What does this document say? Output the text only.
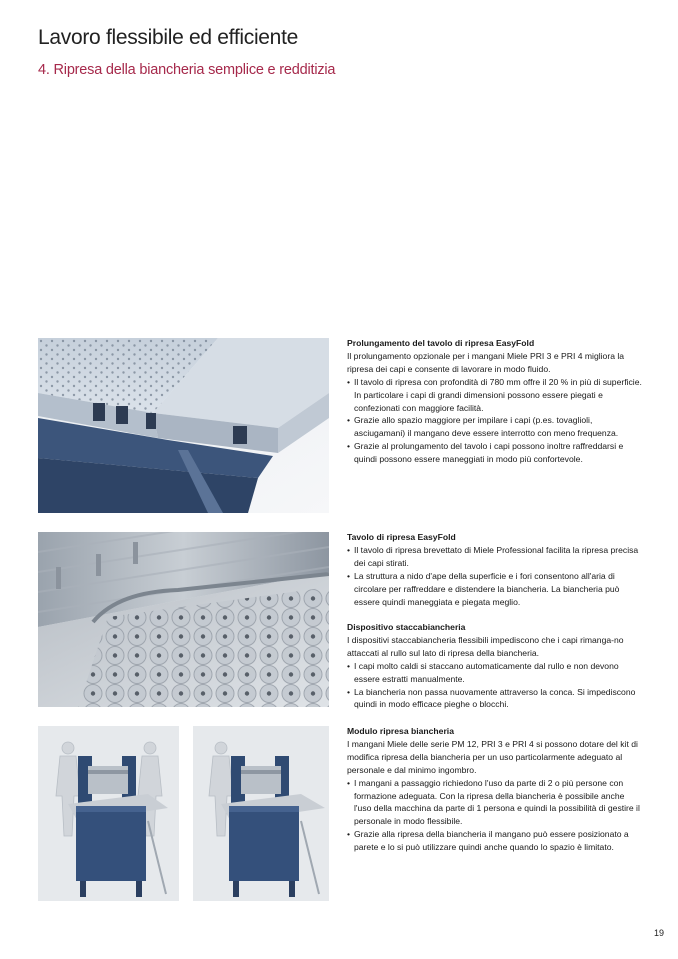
Lavoro flessibile ed efficiente
4. Ripresa della biancheria semplice e redditizia
Prolungamento del tavolo di ripresa EasyFold

Il prolungamento opzionale per i mangani Miele PRI 3 e PRI 4 migliora la ripresa dei capi e consente di lavorare in modo fluido.

• Il tavolo di ripresa con profondità di 780 mm offre il 20 % in più di superficie. In particolare i capi di grandi dimensioni possono essere piegati e confezionati con maggiore facilità.
• Grazie allo spazio maggiore per impilare i capi (p.es. tovaglioli, asciugamani) il mangano deve essere interrotto con meno frequenza.
• Grazie al prolungamento del tavolo i capi possono inoltre raffreddarsi e quindi possono essere maneggiati in modo più confortevole.
Tavolo di ripresa EasyFold
• Il tavolo di ripresa brevettato di Miele Professional facilita la ripresa precisa dei capi stirati.
• La struttura a nido d'ape della superficie e i fori consentono all'aria di circolare per raffreddare e distendere la biancheria. La biancheria può essere quindi maneggiata e piegata meglio.
Dispositivo staccabiancheria

I dispositivi staccabiancheria flessibili impediscono che i capi rimanga-no attaccati al rullo sul lato di ripresa della biancheria.

• I capi molto caldi si staccano automaticamente dal rullo e non devono essere estratti manualmente.
• La biancheria non passa nuovamente attraverso la conca. Si impediscono quindi in modo efficace pieghe o blocchi.
Modulo ripresa biancheria

I mangani Miele delle serie PM 12, PRI 3 e PRI 4 si possono dotare del kit di modifica ripresa della biancheria per un uso particolarmente adeguato al personale e dal minimo ingombro.

• I mangani a passaggio richiedono l'uso da parte di 2 o più persone con formazione adeguata. Con la ripresa della biancheria è possibile anche l'uso della macchina da parte di 1 persona e quindi la possibilità di gestire il personale in modo flessibile.
• Grazie alla ripresa della biancheria il mangano può essere posizionato a parete e lo si può utilizzare quindi anche quando lo spazio è limitato.
19
